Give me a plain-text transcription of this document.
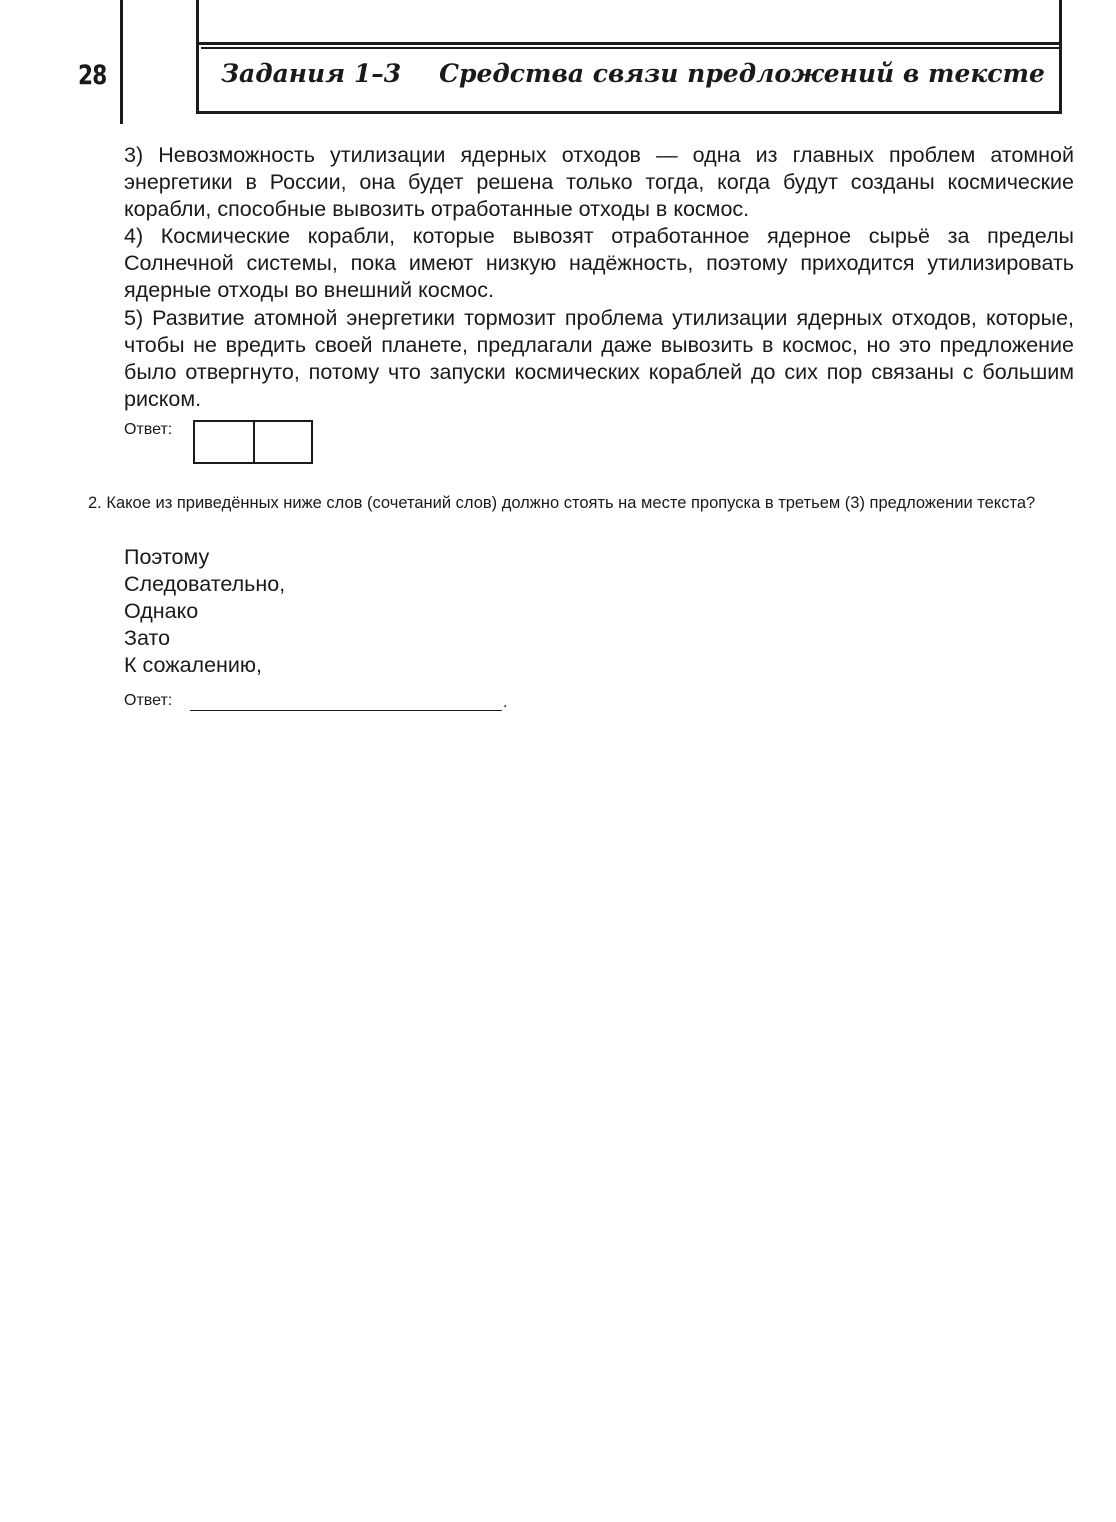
28	Задания 1–3 Средства связи предложений в тексте
3) Невозможность утилизации ядерных отходов — одна из главных проблем атомной энергетики в России, она будет решена только тогда, когда будут созданы космические корабли, способные вывозить отработанные отходы в космос.
4) Космические корабли, которые вывозят отработанное ядерное сырьё за пределы Солнечной системы, пока имеют низкую надёжность, поэтому приходится утилизировать ядерные отходы во внешний космос.
5) Развитие атомной энергетики тормозит проблема утилизации ядерных отходов, которые, чтобы не вредить своей планете, предлагали даже вывозить в космос, но это предложение было отвергнуто, потому что запуски космических кораблей до сих пор связаны с большим риском.
Ответ:
2. Какое из приведённых ниже слов (сочетаний слов) должно стоять на месте пропуска в третьем (3) предложении текста?
Поэтому
Следовательно,
Однако
Зато
К сожалению,
Ответ:	.
